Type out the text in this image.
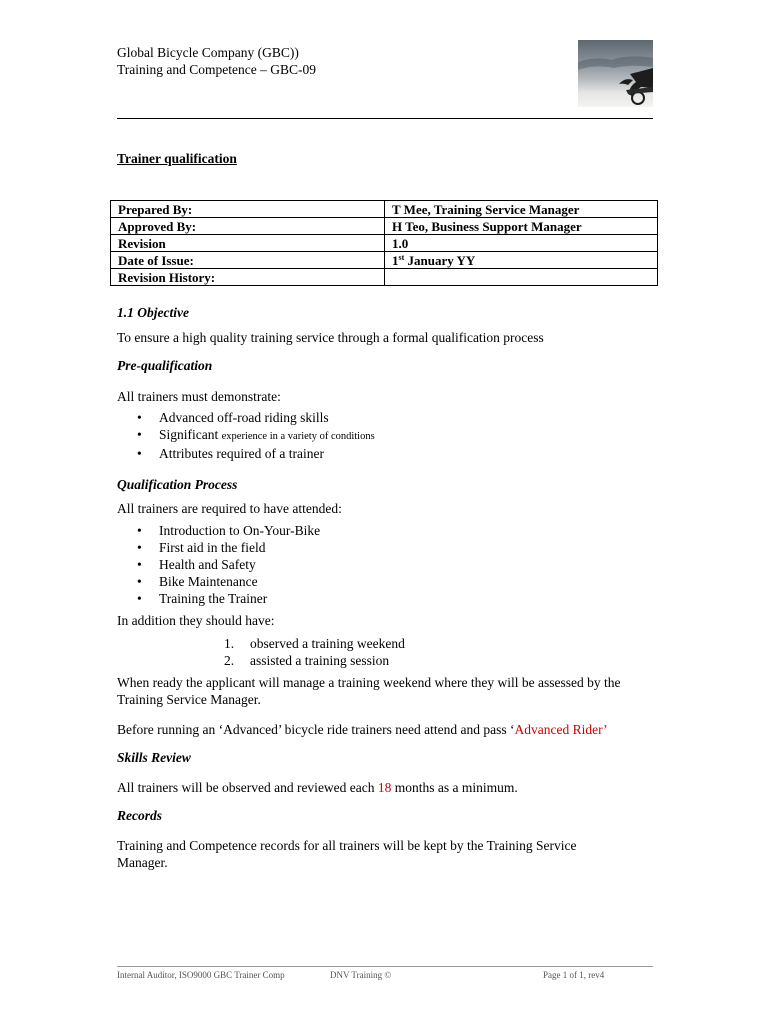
Global Bicycle Company (GBC))
Training and Competence – GBC-09
Trainer qualification
Prepared By:	T Mee, Training Service Manager
Approved By:	H Teo, Business Support Manager
Revision	1.0
Date of Issue:	1st January YY
Revision History:	
1.1 Objective
To ensure a high quality training service through a formal qualification process
Pre-qualification
All trainers must demonstrate:
• Advanced off-road riding skills
• Significant experience in a variety of conditions
• Attributes required of a trainer
Qualification Process
All trainers are required to have attended:
• Introduction to On-Your-Bike
• First aid in the field
• Health and Safety
• Bike Maintenance
• Training the Trainer
In addition they should have:
1. observed a training weekend
2. assisted a training session
When ready the applicant will manage a training weekend where they will be assessed by the Training Service Manager.
Before running an ‘Advanced’ bicycle ride trainers need attend and pass ‘Advanced Rider’
Skills Review
All trainers will be observed and reviewed each 18 months as a minimum.
Records
Training and Competence records for all trainers will be kept by the Training Service Manager.
Internal Auditor, ISO9000 GBC Trainer Comp	DNV Training ©	Page 1 of 1, rev4
